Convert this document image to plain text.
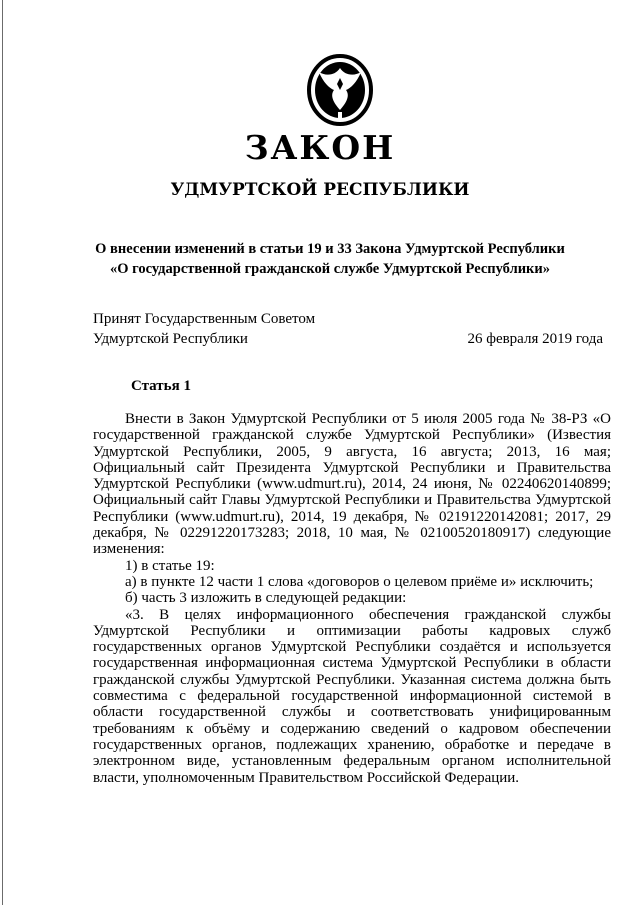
ЗАКОН
УДМУРТСКОЙ РЕСПУБЛИКИ
О внесении изменений в статьи 19 и 33 Закона Удмуртской Республики
«О государственной гражданской службе Удмуртской Республики»
Принят Государственным Советом
Удмуртской Республики	26 февраля 2019 года
Статья 1

Внести в Закон Удмуртской Республики от 5 июля 2005 года № 38-РЗ «О государственной гражданской службе Удмуртской Республики» (Известия Удмуртской Республики, 2005, 9 августа, 16 августа; 2013, 16 мая; Официальный сайт Президента Удмуртской Республики и Правительства Удмуртской Республики (www.udmurt.ru), 2014, 24 июня, № 02240620140899; Официальный сайт Главы Удмуртской Республики и Правительства Удмуртской Республики (www.udmurt.ru), 2014, 19 декабря, № 02191220142081; 2017, 29 декабря, № 02291220173283; 2018, 10 мая, № 02100520180917) следующие изменения:

1) в статье 19:

а) в пункте 12 части 1 слова «договоров о целевом приёме и» исключить;

б) часть 3 изложить в следующей редакции:

«3. В целях информационного обеспечения гражданской службы Удмуртской Республики и оптимизации работы кадровых служб государственных органов Удмуртской Республики создаётся и используется государственная информационная система Удмуртской Республики в области гражданской службы Удмуртской Республики. Указанная система должна быть совместима с федеральной государственной информационной системой в области государственной службы и соответствовать унифицированным требованиям к объёму и содержанию сведений о кадровом обеспечении государственных органов, подлежащих хранению, обработке и передаче в электронном виде, установленным федеральным органом исполнительной власти, уполномоченным Правительством Российской Федерации.
